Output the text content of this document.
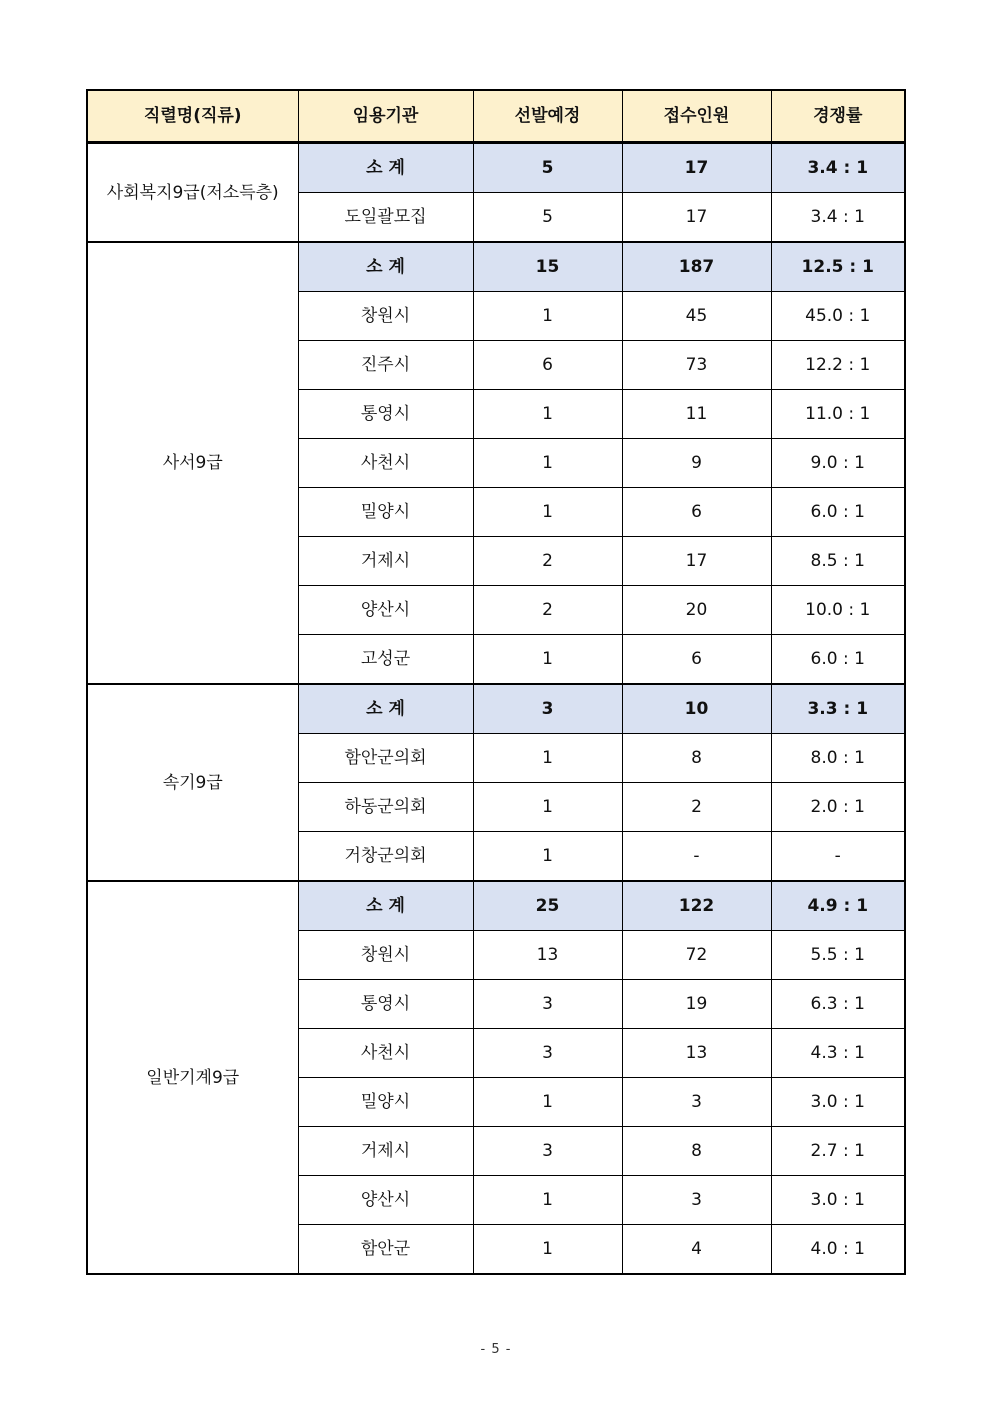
직렬명(직류)	임용기관	선발예정	접수인원	경쟁률
사회복지9급(저소득층)	소 계	5	17	3.4 : 1
	도일괄모집	5	17	3.4 : 1
사서9급	소 계	15	187	12.5 : 1
	창원시	1	45	45.0 : 1
	진주시	6	73	12.2 : 1
	통영시	1	11	11.0 : 1
	사천시	1	9	9.0 : 1
	밀양시	1	6	6.0 : 1
	거제시	2	17	8.5 : 1
	양산시	2	20	10.0 : 1
	고성군	1	6	6.0 : 1
속기9급	소 계	3	10	3.3 : 1
	함안군의회	1	8	8.0 : 1
	하동군의회	1	2	2.0 : 1
	거창군의회	1	-	-
일반기계9급	소 계	25	122	4.9 : 1
	창원시	13	72	5.5 : 1
	통영시	3	19	6.3 : 1
	사천시	3	13	4.3 : 1
	밀양시	1	3	3.0 : 1
	거제시	3	8	2.7 : 1
	양산시	1	3	3.0 : 1
	함안군	1	4	4.0 : 1
- 5 -
